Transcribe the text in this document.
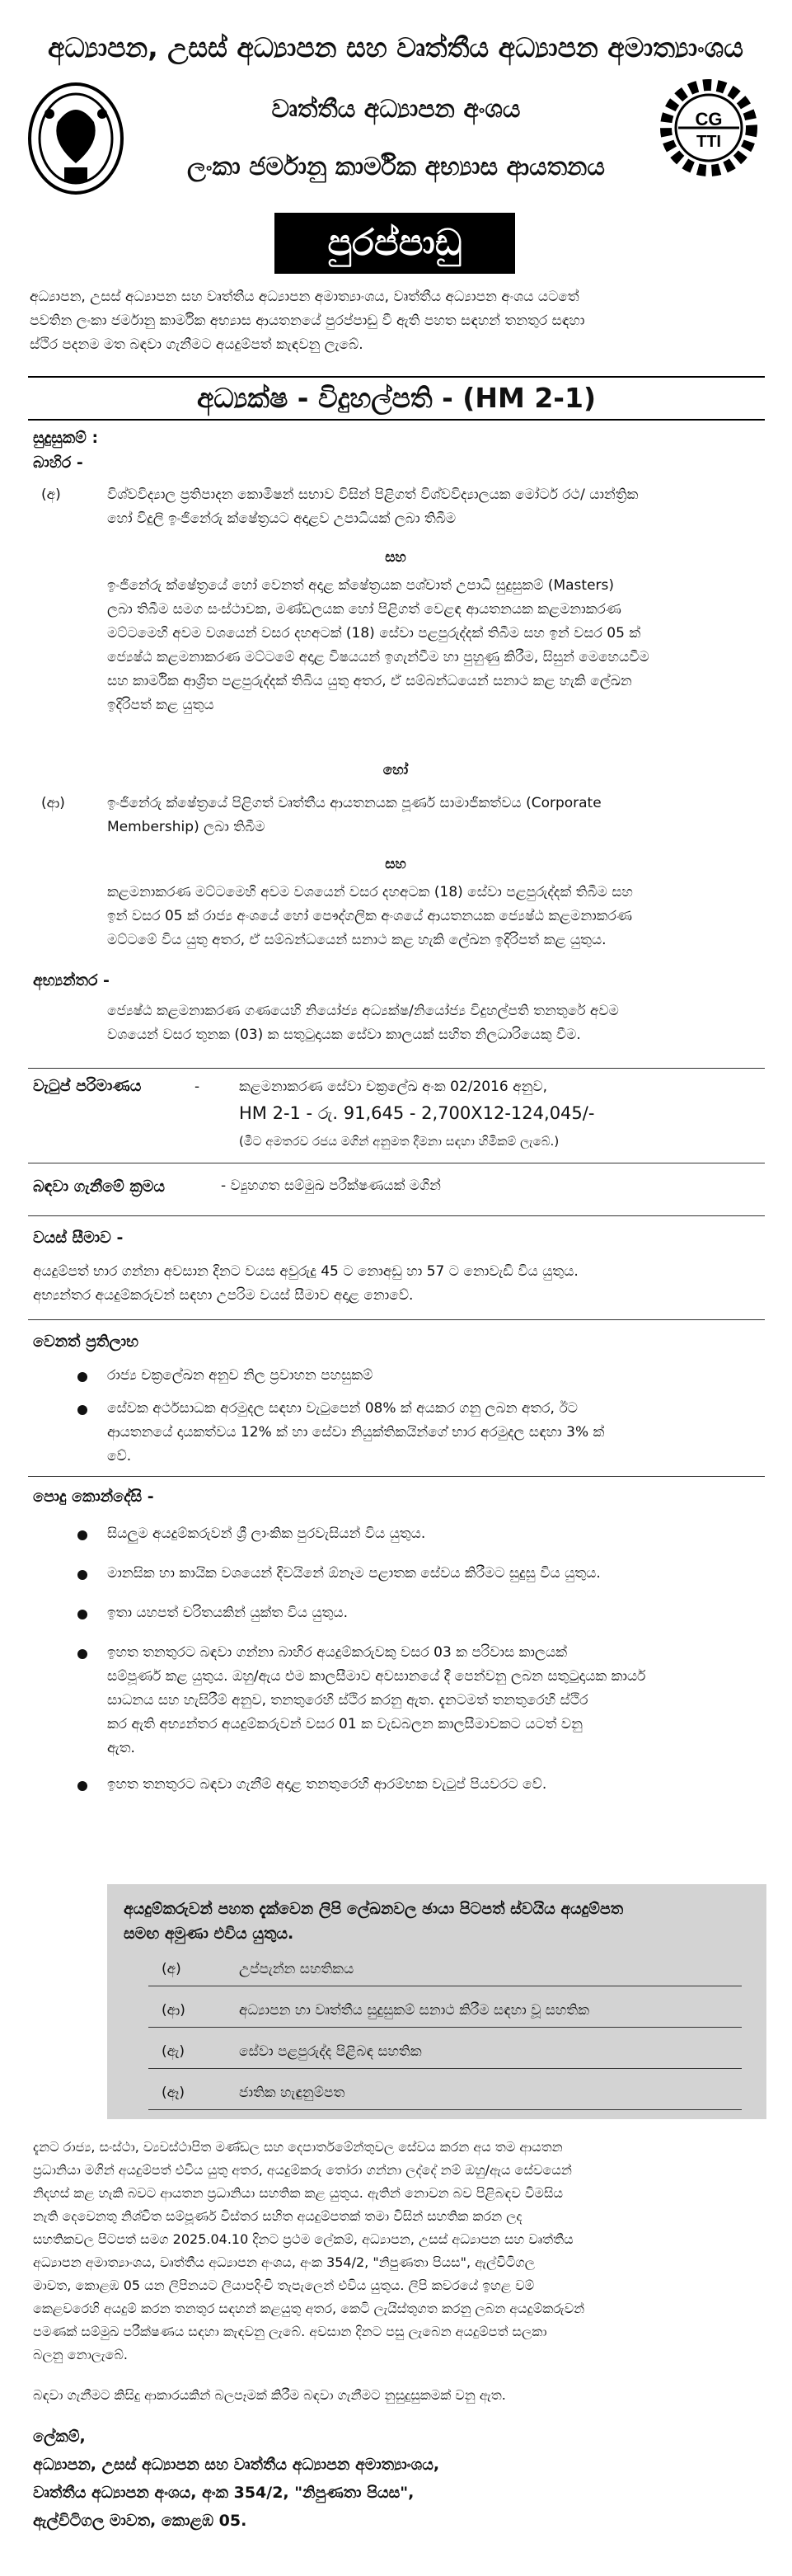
අධ්‍යාපන, උසස් අධ්‍යාපන සහ වෘත්තීය අධ්‍යාපන අමාත්‍යාංශය
වෘත්තීය අධ්‍යාපන අංශය
ලංකා ජර්මානු කාර්මික අභ්‍යාස ආයතනය
CG
TTI
පුරප්පාඩු
අධ්‍යාපන, උසස් අධ්‍යාපන සහ වෘත්තීය අධ්‍යාපන අමාත්‍යාංශය, වෘත්තීය අධ්‍යාපන අංශය යටතේ
පවතින ලංකා ජර්මානු කාර්මික අභ්‍යාස ආයතනයේ පුරප්පාඩු වී ඇති පහත සඳහන් තනතුර සඳහා
ස්ථිර පදනම මත බඳවා ගැනීමට අයදුම්පත් කැඳවනු ලැබේ.
අධ්‍යක්ෂ - විදුහල්පති - (HM 2-1)
සුදුසුකම් :
බාහිර -
(අ)	විශ්වවිද්‍යාල ප්‍රතිපාදන කොමිෂන් සභාව විසින් පිළිගත් විශ්වවිද්‍යාලයක මෝටර් රථ/ යාන්ත්‍රික
හෝ විදුලි ඉංජිනේරු ක්ෂේත්‍රයට අදාළව උපාධියක් ලබා තිබීම
සහ
ඉංජිනේරු ක්ෂේත්‍රයේ හෝ වෙනත් අදාළ ක්ෂේත්‍රයක පශ්චාත් උපාධි සුදුසුකම් (Masters)
ලබා තිබීම සමග සංස්ථාවක, මණ්ඩලයක හෝ පිළිගත් වෙළඳ ආයතනයක කළමනාකරණ
මට්ටමෙහි අවම වශයෙන් වසර දහඅටක් (18) සේවා පළපුරුද්දක් තිබීම සහ ඉන් වසර 05 ක්
ජ්‍යෙෂ්ඨ කළමනාකරණ මට්ටමේ අදාළ විෂයයන් ඉගැන්වීම හා පුහුණු කිරීම, සිසුන් මෙහෙයවීම
සහ කාර්මික ආශ්‍රිත පළපුරුද්දක් තිබිය යුතු අතර, ඒ සම්බන්ධයෙන් සනාථ කළ හැකි ලේඛන
ඉදිරිපත් කළ යුතුය
හෝ
(ආ)	ඉංජිනේරු ක්ෂේත්‍රයේ පිළිගත් වෘත්තීය ආයතනයක පූර්ණ සාමාජිකත්වය (Corporate
Membership) ලබා තිබීම
සහ
කළමනාකරණ මට්ටමෙහි අවම වශයෙන් වසර දහඅටක (18) සේවා පළපුරුද්දක් තිබීම සහ
ඉන් වසර 05 ක් රාජ්‍ය අංශයේ හෝ පෞද්ගලික අංශයේ ආයතනයක ජ්‍යෙෂ්ඨ කළමනාකරණ
මට්ටමේ විය යුතු අතර, ඒ සම්බන්ධයෙන් සනාථ කළ හැකි ලේඛන ඉදිරිපත් කළ යුතුය.
අභ්‍යන්තර -
ජ්‍යෙෂ්ඨ කළමනාකරණ ගණයෙහි නියෝජ්‍ය අධ්‍යක්ෂ/නියෝජ්‍ය විදුහල්පති තනතුරේ අවම
වශයෙන් වසර තුනක (03) ක සතුටුදායක සේවා කාලයක් සහිත නිලධාරියෙකු වීම.
වැටුප් පරිමාණය	-	කළමනාකරණ සේවා චක්‍රලේඛ අංක 02/2016 අනුව,
HM 2-1 - රු. 91,645 - 2,700X12-124,045/-
(මීට අමතරව රජය මගින් අනුමත දීමනා සඳහා හිමිකම් ලැබේ.)
බඳවා ගැනීමේ ක්‍රමය	- ව්‍යුහගත සම්මුඛ පරීක්ෂණයක් මගින්
වයස් සීමාව -
අයදුම්පත් භාර ගන්නා අවසාන දිනට වයස අවුරුදු 45 ට නොඅඩු හා 57 ට නොවැඩි විය යුතුය.
අභ්‍යන්තර අයදුම්කරුවන් සඳහා උපරිම වයස් සීමාව අදාළ නොවේ.
වෙනත් ප්‍රතිලාභ
රාජ්‍ය චක්‍රලේඛන අනුව නිල ප්‍රවාහන පහසුකම්
සේවක අර්ථසාධක අරමුදල සඳහා වැටුපෙන් 08% ක් අයකර ගනු ලබන අතර, ඊට
ආයතනයේ දායකත්වය 12% ක් හා සේවා නියුක්තිකයින්ගේ භාර අරමුදල සඳහා 3% ක්
වේ.
පොදු කොන්දේසි -
සියලුම අයදුම්කරුවන් ශ්‍රී ලාංකික පුරවැසියන් විය යුතුය.
මානසික හා කායික වශයෙන් දිවයිනේ ඕනෑම පළාතක සේවය කිරීමට සුදුසු විය යුතුය.
ඉතා යහපත් චරිතයකින් යුක්ත විය යුතුය.
ඉහත තනතුරට බඳවා ගන්නා බාහිර අයදුම්කරුවකු වසර 03 ක පරිවාස කාලයක්
සම්පූර්ණ කළ යුතුය. ඔහු/ඇය එම කාලසීමාව අවසානයේ දී පෙන්වනු ලබන සතුටුදායක කාර්ය
සාධනය සහ හැසිරීම් අනුව, තනතුරෙහි ස්ථිර කරනු ඇත. දැනටමත් තනතුරෙහි ස්ථිර
කර ඇති අභ්‍යන්තර අයදුම්කරුවන් වසර 01 ක වැඩබලන කාලසීමාවකට යටත් වනු
ඇත.
ඉහත තනතුරට බඳවා ගැනීම් අදාළ තනතුරෙහි ආරම්භක වැටුප් පියවරට වේ.
අයදුම්කරුවන් පහත දැක්වෙන ලිපි ලේඛනවල ඡායා පිටපත් ස්වයිය අයදුම්පත
සමඟ අමුණා එවිය යුතුය.
(අ)	උප්පැන්න සහතිකය
(ආ)	අධ්‍යාපන හා වෘත්තීය සුදුසුකම් සනාථ කිරීම සඳහා වූ සහතික
(ඇ)	සේවා පළපුරුද්ද පිළිබඳ සහතික
(ඈ)	ජාතික හැඳුනුම්පත
දැනට රාජ්‍ය, සංස්ථා, ව්‍යවස්ථාපිත මණ්ඩල සහ දෙපාර්තමේන්තුවල සේවය කරන අය තම ආයතන
ප්‍රධානියා මගින් අයදුම්පත් එවිය යුතු අතර, අයදුම්කරු තෝරා ගන්නා ලද්දේ නම් ඔහු/ඇය සේවයෙන්
නිදහස් කළ හැකි බවට ආයතන ප්‍රධානියා සහතික කළ යුතුය. ඇතින් නොවන බව පිළිබඳව විමසිය
නැති දෙවෙනතු නිශ්චිත සම්පූර්ණ විස්තර සහිත අයදුම්පතක් තමා විසින් සහතික කරන ලද
සහතිකවල පිටපත් සමග 2025.04.10 දිනට ප්‍රථම ලේකම්, අධ්‍යාපන, උසස් අධ්‍යාපන සහ වෘත්තීය
අධ්‍යාපන අමාත්‍යාංශය, වෘත්තීය අධ්‍යාපන අංශය, අංක 354/2, "නිපුණතා පියස", ඇල්විටිගල
මාවත, කොළඹ 05 යන ලිපිනයට ලියාපදිංචි තැපැලෙන් එවිය යුතුය. ලිපි කවරයේ ඉහළ වම්
කෙළවරෙහි අයදුම් කරන තනතුර සඳහන් කළයුතු අතර, කෙටි ලැයිස්තුගත කරනු ලබන අයදුම්කරුවන්
පමණක් සම්මුඛ පරීක්ෂණය සඳහා කැඳවනු ලැබේ. අවසාන දිනට පසු ලැබෙන අයදුම්පත් සලකා
බලනු නොලැබේ.
බඳවා ගැනීමට කිසිදු ආකාරයකින් බලපෑමක් කිරීම බඳවා ගැනීමට නුසුදුසුකමක් වනු ඇත.
ලේකම්,
අධ්‍යාපන, උසස් අධ්‍යාපන සහ වෘත්තීය අධ්‍යාපන අමාත්‍යාංශය,
වෘත්තීය අධ්‍යාපන අංශය, අංක 354/2, "නිපුණතා පියස",
ඇල්විටිගල මාවත, කොළඹ 05.
